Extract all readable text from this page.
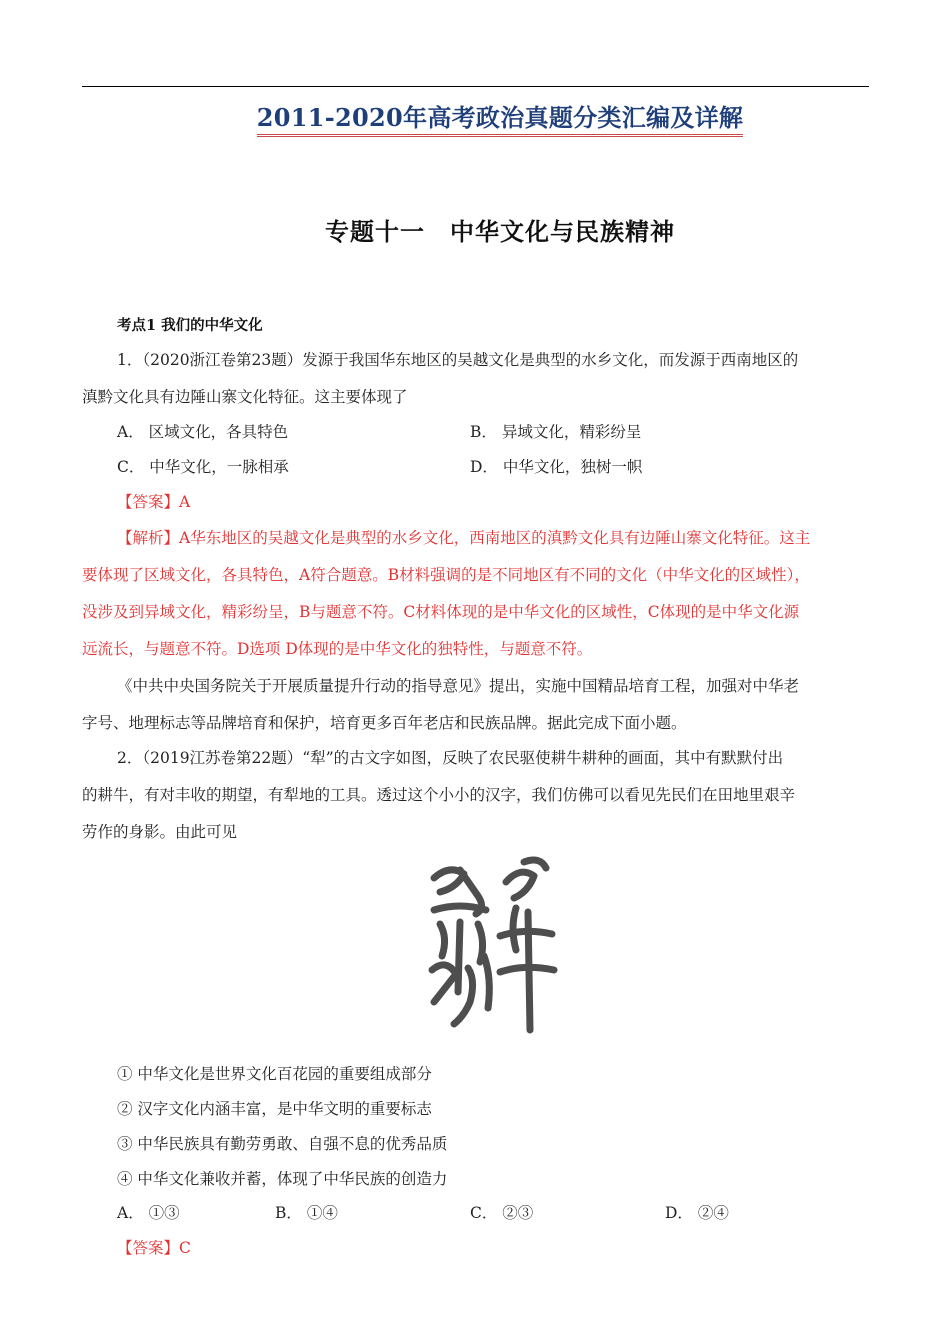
2011-2020年高考政治真题分类汇编及详解
专题十一　中华文化与民族精神
考点1 我们的中华文化
1．（2020浙江卷第23题）发源于我国华东地区的吴越文化是典型的水乡文化，而发源于西南地区的
滇黔文化具有边陲山寨文化特征。这主要体现了
A． 区域文化，各具特色	B． 异域文化，精彩纷呈
C． 中华文化，一脉相承	D． 中华文化，独树一帜
【答案】A
【解析】A华东地区的吴越文化是典型的水乡文化，西南地区的滇黔文化具有边陲山寨文化特征。这主
要体现了区域文化，各具特色，A符合题意。B材料强调的是不同地区有不同的文化（中华文化的区域性），
没涉及到异域文化，精彩纷呈，B与题意不符。C材料体现的是中华文化的区域性，C体现的是中华文化源
远流长，与题意不符。D选项 D体现的是中华文化的独特性，与题意不符。
《中共中央国务院关于开展质量提升行动的指导意见》提出，实施中国精品培育工程，加强对中华老
字号、地理标志等品牌培育和保护，培育更多百年老店和民族品牌。据此完成下面小题。
2．（2019江苏卷第22题）“犁”的古文字如图，反映了农民驱使耕牛耕种的画面，其中有默默付出
的耕牛，有对丰收的期望，有犁地的工具。透过这个小小的汉字，我们仿佛可以看见先民们在田地里艰辛
劳作的身影。由此可见
① 中华文化是世界文化百花园的重要组成部分
② 汉字文化内涵丰富，是中华文明的重要标志
③ 中华民族具有勤劳勇敢、自强不息的优秀品质
④ 中华文化兼收并蓄，体现了中华民族的创造力
A． ①③	B． ①④	C． ②③	D． ②④
【答案】C
